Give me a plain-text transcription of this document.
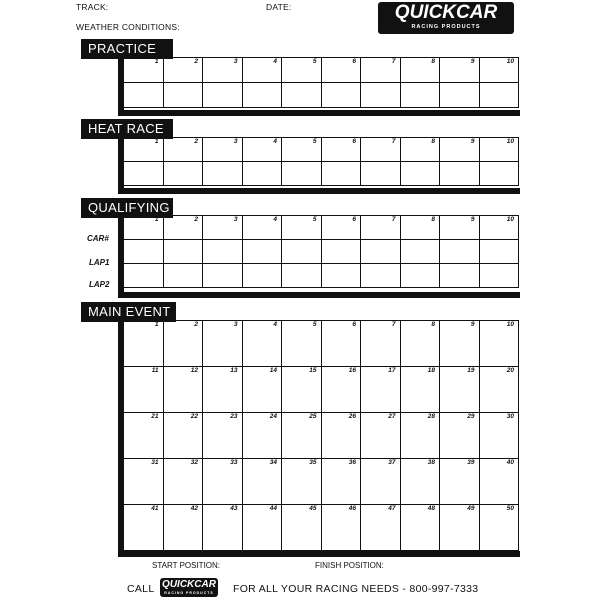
TRACK:	DATE:
WEATHER CONDITIONS:
QUICKCAR
RACING PRODUCTS
PRACTICE
1	2	3	4	5	6	7	8	9	10

HEAT RACE
1	2	3	4	5	6	7	8	9	10

QUALIFYING
CAR#
LAP1
LAP2
1	2	3	4	5	6	7	8	9	10

MAIN EVENT
1	2	3	4	5	6	7	8	9	10

11	12	13	14	15	16	17	18	19	20

21	22	23	24	25	26	27	28	29	30

31	32	33	34	35	36	37	38	39	40

41	42	43	44	45	46	47	48	49	50
START POSITION:	FINISH POSITION:
CALL QUICKCAR
RACING PRODUCTS	FOR ALL YOUR RACING NEEDS - 800-997-7333
